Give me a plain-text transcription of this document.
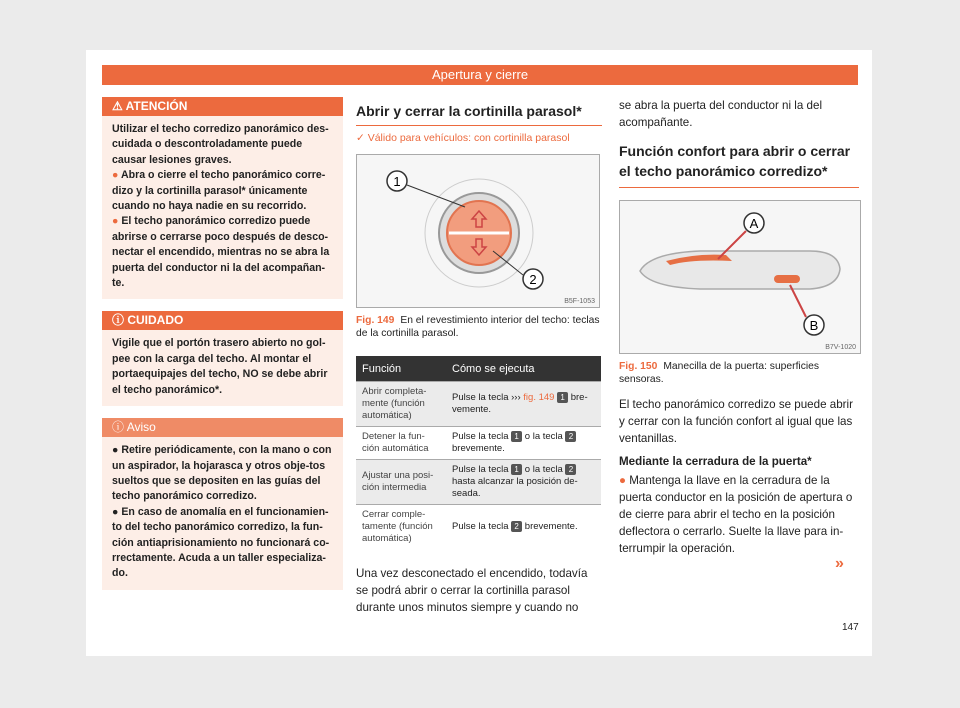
Apertura y cierre
⚠ ATENCIÓN

Utilizar el techo corredizo panorámico des-cuidada o descontroladamente puede causar lesiones graves.

● Abra o cierre el techo panorámico corre-dizo y la cortinilla parasol* únicamente cuando no haya nadie en su recorrido.

● El techo panorámico corredizo puede abrirse o cerrarse poco después de desco-nectar el encendido, mientras no se abra la puerta del conductor ni la del acompañan-te.

ⓘ CUIDADO

Vigile que el portón trasero abierto no gol-pee con la carga del techo. Al montar el portaequipajes del techo, NO se debe abrir el techo panorámico*.

ⓘ Aviso

● Retire periódicamente, con la mano o con un aspirador, la hojarasca y otros obje-tos sueltos que se depositen en las guías del techo panorámico corredizo.

● En caso de anomalía en el funcionamien-to del techo panorámico corredizo, la fun-ción antiaprisionamiento no funcionará co-rrectamente. Acuda a un taller especializa-do.

Abrir y cerrar la cortinilla parasol*
✓ Válido para vehículos: con cortinilla parasol
1
2
B5F-1053
Fig. 149 En el revestimiento interior del techo: teclas de la cortinilla parasol.
Función	Cómo se ejecuta
Abrir completa-mente (función automática)	Pulse la tecla ››› fig. 149 1 bre-vemente.
Detener la fun-ción automática	Pulse la tecla 1 o la tecla 2 brevemente.
Ajustar una posi-ción intermedia	Pulse la tecla 1 o la tecla 2 hasta alcanzar la posición de-seada.
Cerrar comple-tamente (función automática)	Pulse la tecla 2 brevemente.

Una vez desconectado el encendido, todavía se podrá abrir o cerrar la cortinilla parasol durante unos minutos siempre y cuando no

se abra la puerta del conductor ni la del acompañante.

Función confort para abrir o cerrar el techo panorámico corredizo*
A
B
B7V-1020
Fig. 150 Manecilla de la puerta: superficies sensoras.

El techo panorámico corredizo se puede abrir y cerrar con la función confort al igual que las ventanillas.

Mediante la cerradura de la puerta*

● Mantenga la llave en la cerradura de la puerta conductor en la posición de apertura o de cierre para abrir el techo en la posición deflectora o cerrarlo. Suelte la llave para in-terrumpir la operación.

»
147
